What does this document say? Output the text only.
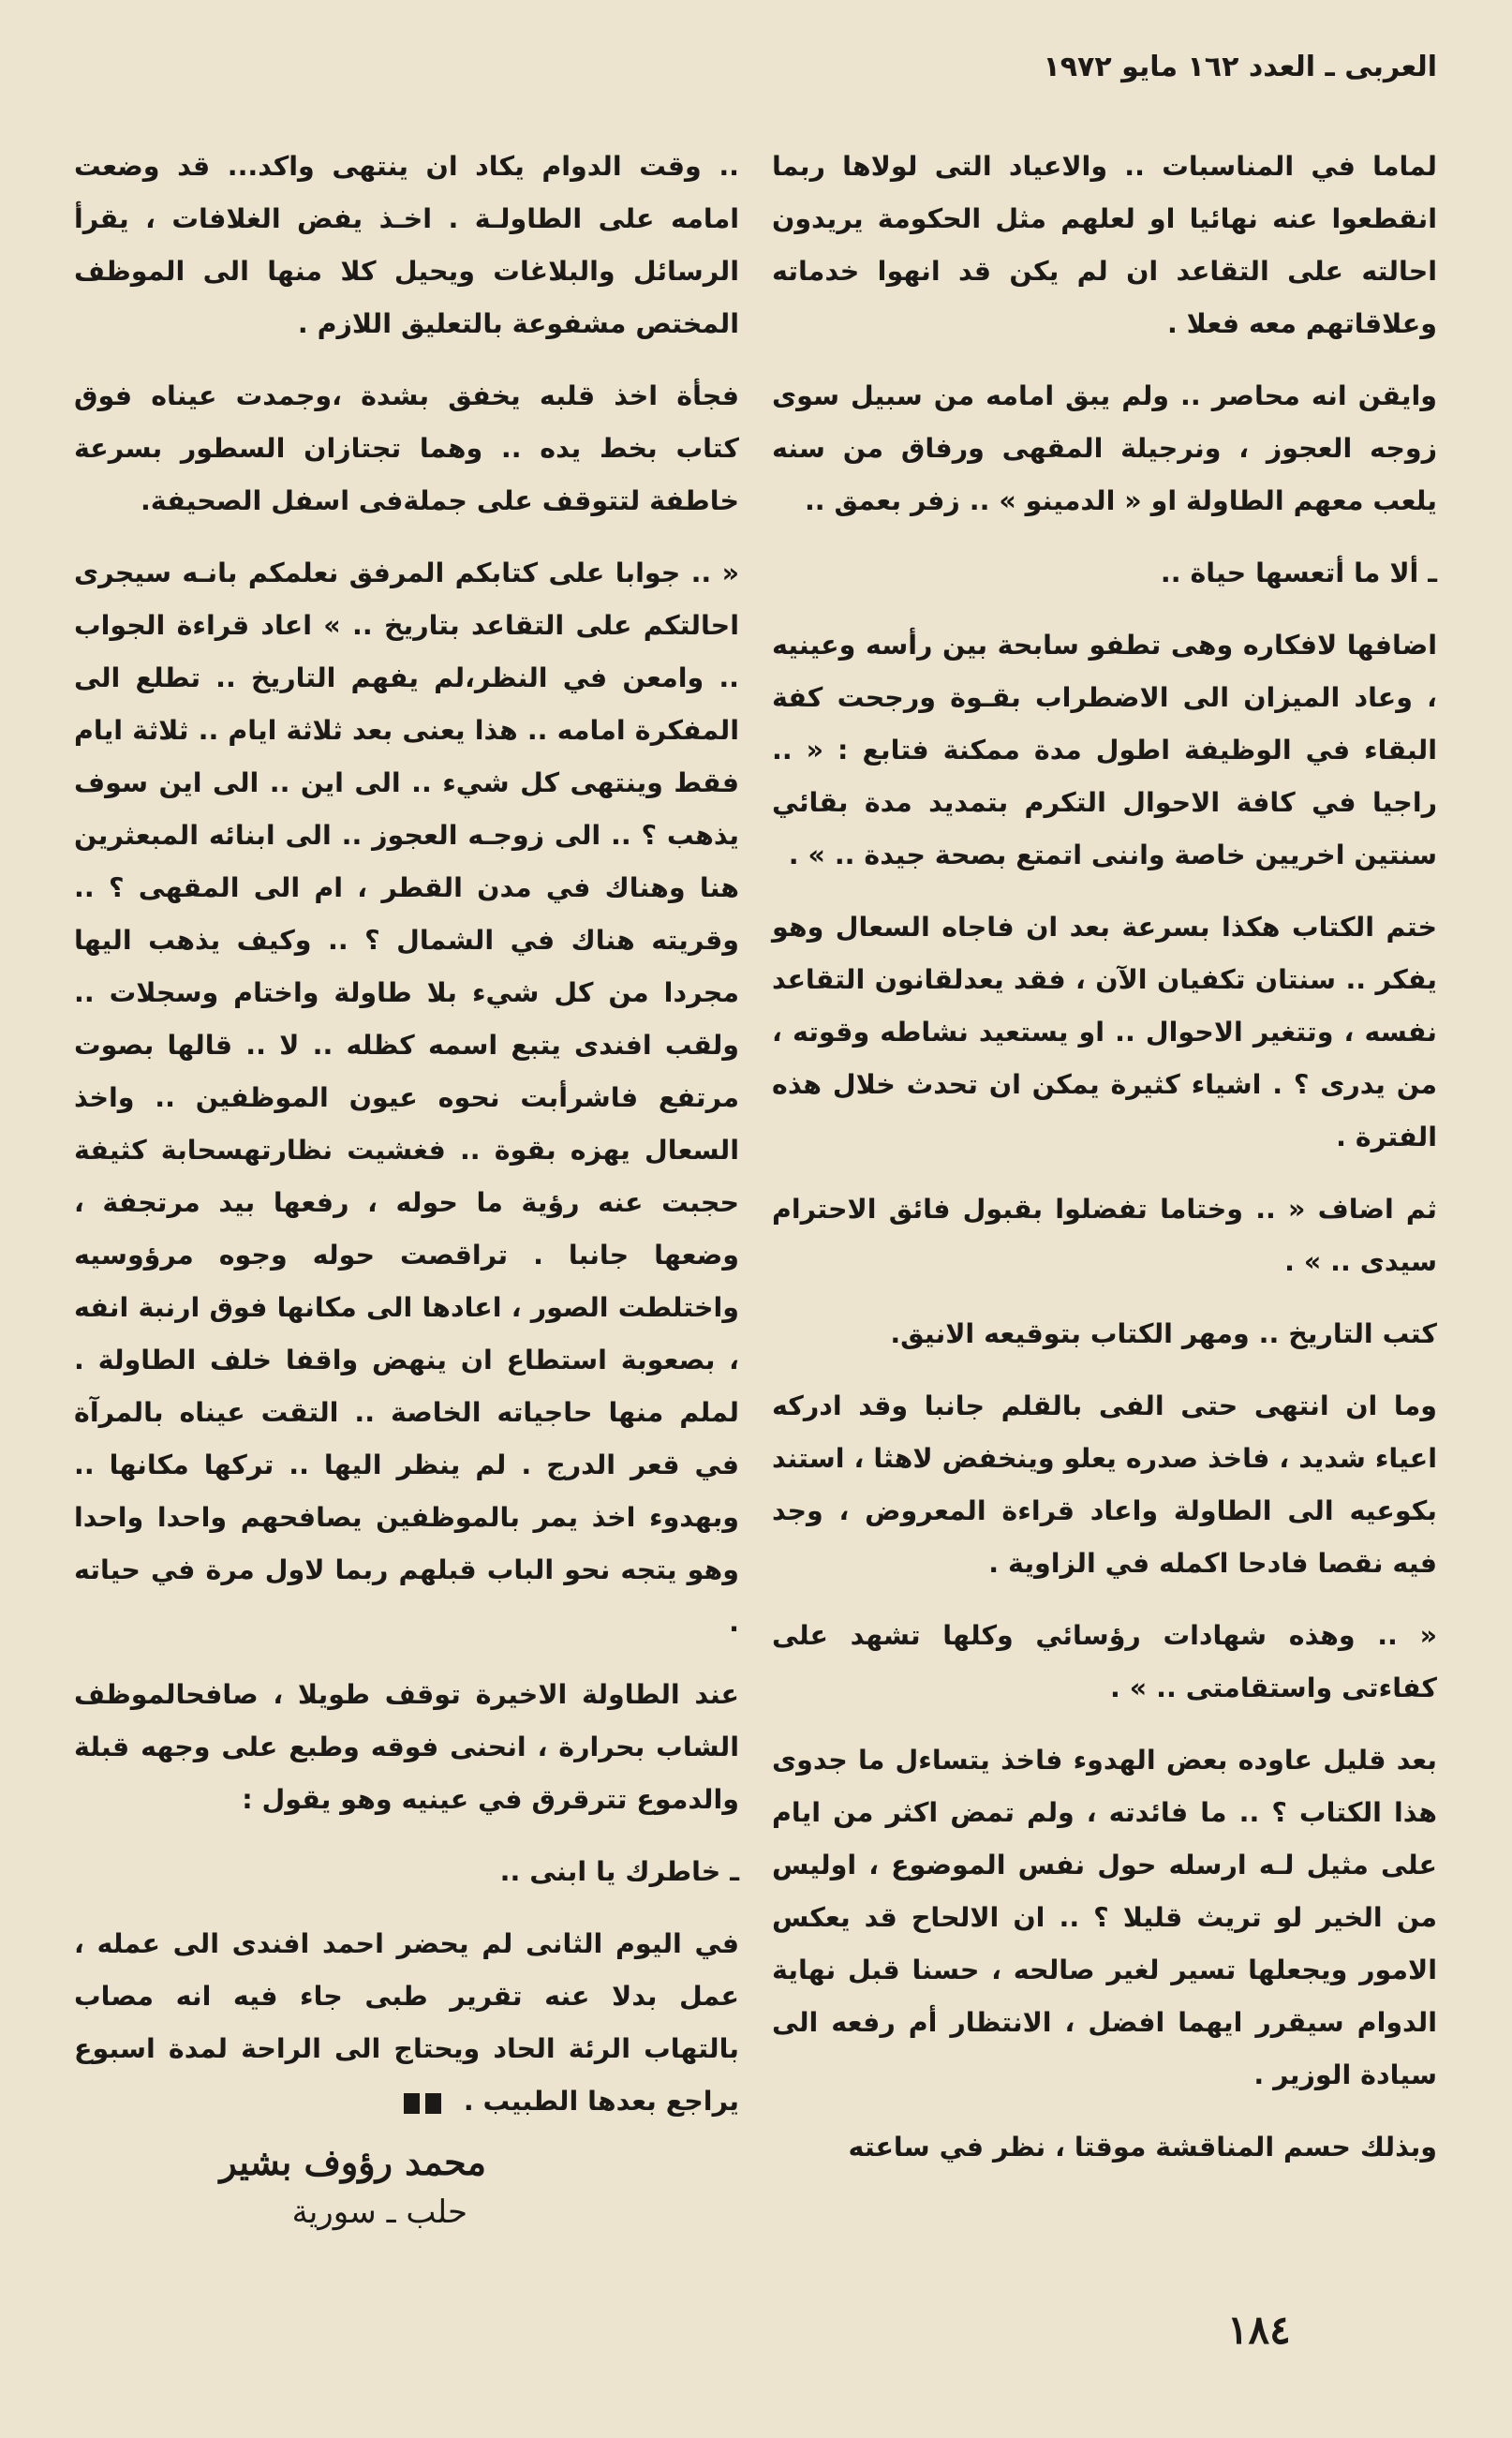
العربى ـ العدد ١٦٢ مايو ١٩٧٢

لماما في المناسبات .. والاعياد التى لولاها ربما انقطعوا عنه نهائيا او لعلهم مثل الحكومة يريدون احالته على التقاعد ان لم يكن قد انهوا خدماته وعلاقاتهم معه فعلا .

وايقن انه محاصر .. ولم يبق امامه من سبيل سوى زوجه العجوز ، ونرجيلة المقهى ورفاق من سنه يلعب معهم الطاولة او « الدمينو » .. زفر بعمق ..

ـ ألا ما أتعسها حياة ..

اضافها لافكاره وهى تطفو سابحة بين رأسه وعينيه ، وعاد الميزان الى الاضطراب بقـوة ورجحت كفة البقاء في الوظيفة اطول مدة ممكنة فتابع : « .. راجيا في كافة الاحوال التكرم بتمديد مدة بقائي سنتين اخريين خاصة واننى اتمتع بصحة جيدة .. » .

ختم الكتاب هكذا بسرعة بعد ان فاجاه السعال وهو يفكر .. سنتان تكفيان الآن ، فقد يعدلقانون التقاعد نفسه ، وتتغير الاحوال .. او يستعيد نشاطه وقوته ، من يدرى ؟ . اشياء كثيرة يمكن ان تحدث خلال هذه الفترة .

ثم اضاف « .. وختاما تفضلوا بقبول فائق الاحترام سيدى .. » .

كتب التاريخ .. ومهر الكتاب بتوقيعه الانيق.

وما ان انتهى حتى الفى بالقلم جانبا وقد ادركه اعياء شديد ، فاخذ صدره يعلو وينخفض لاهثا ، استند بكوعيه الى الطاولة واعاد قراءة المعروض ، وجد فيه نقصا فادحا اكمله في الزاوية .

« .. وهذه شهادات رؤسائي وكلها تشهد على كفاءتى واستقامتى .. » .

بعد قليل عاوده بعض الهدوء فاخذ يتساءل ما جدوى هذا الكتاب ؟ .. ما فائدته ، ولم تمض اكثر من ايام على مثيل لـه ارسله حول نفس الموضوع ، اوليس من الخير لو تريث قليلا ؟ .. ان الالحاح قد يعكس الامور ويجعلها تسير لغير صالحه ، حسنا قبل نهاية الدوام سيقرر ايهما افضل ، الانتظار أم رفعه الى سيادة الوزير .

وبذلك حسم المناقشة موقتا ، نظر في ساعته

.. وقت الدوام يكاد ان ينتهى واكد... قد وضعت امامه على الطاولـة . اخـذ يفض الغلافات ، يقرأ الرسائل والبلاغات ويحيل كلا منها الى الموظف المختص مشفوعة بالتعليق اللازم .

فجأة اخذ قلبه يخفق بشدة ،وجمدت عيناه فوق كتاب بخط يده .. وهما تجتازان السطور بسرعة خاطفة لتتوقف على جملةفى اسفل الصحيفة.

« .. جوابا على كتابكم المرفق نعلمكم بانـه سيجرى احالتكم على التقاعد بتاريخ .. » اعاد قراءة الجواب .. وامعن في النظر،لم يفهم التاريخ .. تطلع الى المفكرة امامه .. هذا يعنى بعد ثلاثة ايام .. ثلاثة ايام فقط وينتهى كل شيء .. الى اين .. الى اين سوف يذهب ؟ .. الى زوجـه العجوز .. الى ابنائه المبعثرين هنا وهناك في مدن القطر ، ام الى المقهى ؟ .. وقريته هناك في الشمال ؟ .. وكيف يذهب اليها مجردا من كل شيء بلا طاولة واختام وسجلات .. ولقب افندى يتبع اسمه كظله .. لا .. قالها بصوت مرتفع فاشرأبت نحوه عيون الموظفين .. واخذ السعال يهزه بقوة .. فغشيت نظارتهسحابة كثيفة حجبت عنه رؤية ما حوله ، رفعها بيد مرتجفة ، وضعها جانبا . تراقصت حوله وجوه مرؤوسيه واختلطت الصور ، اعادها الى مكانها فوق ارنبة انفه ، بصعوبة استطاع ان ينهض واقفا خلف الطاولة . لملم منها حاجياته الخاصة .. التقت عيناه بالمرآة في قعر الدرج . لم ينظر اليها .. تركها مكانها .. وبهدوء اخذ يمر بالموظفين يصافحهم واحدا واحدا وهو يتجه نحو الباب قبلهم ربما لاول مرة في حياته .

عند الطاولة الاخيرة توقف طويلا ، صافحالموظف الشاب بحرارة ، انحنى فوقه وطبع على وجهه قبلة والدموع تترقرق في عينيه وهو يقول :

ـ خاطرك يا ابنى ..

في اليوم الثانى لم يحضر احمد افندى الى عمله ، عمل بدلا عنه تقرير طبى جاء فيه انه مصاب بالتهاب الرئة الحاد ويحتاج الى الراحة لمدة اسبوع يراجع بعدها الطبيب .

محمد رؤوف بشير
حلب ـ سورية
١٨٤
